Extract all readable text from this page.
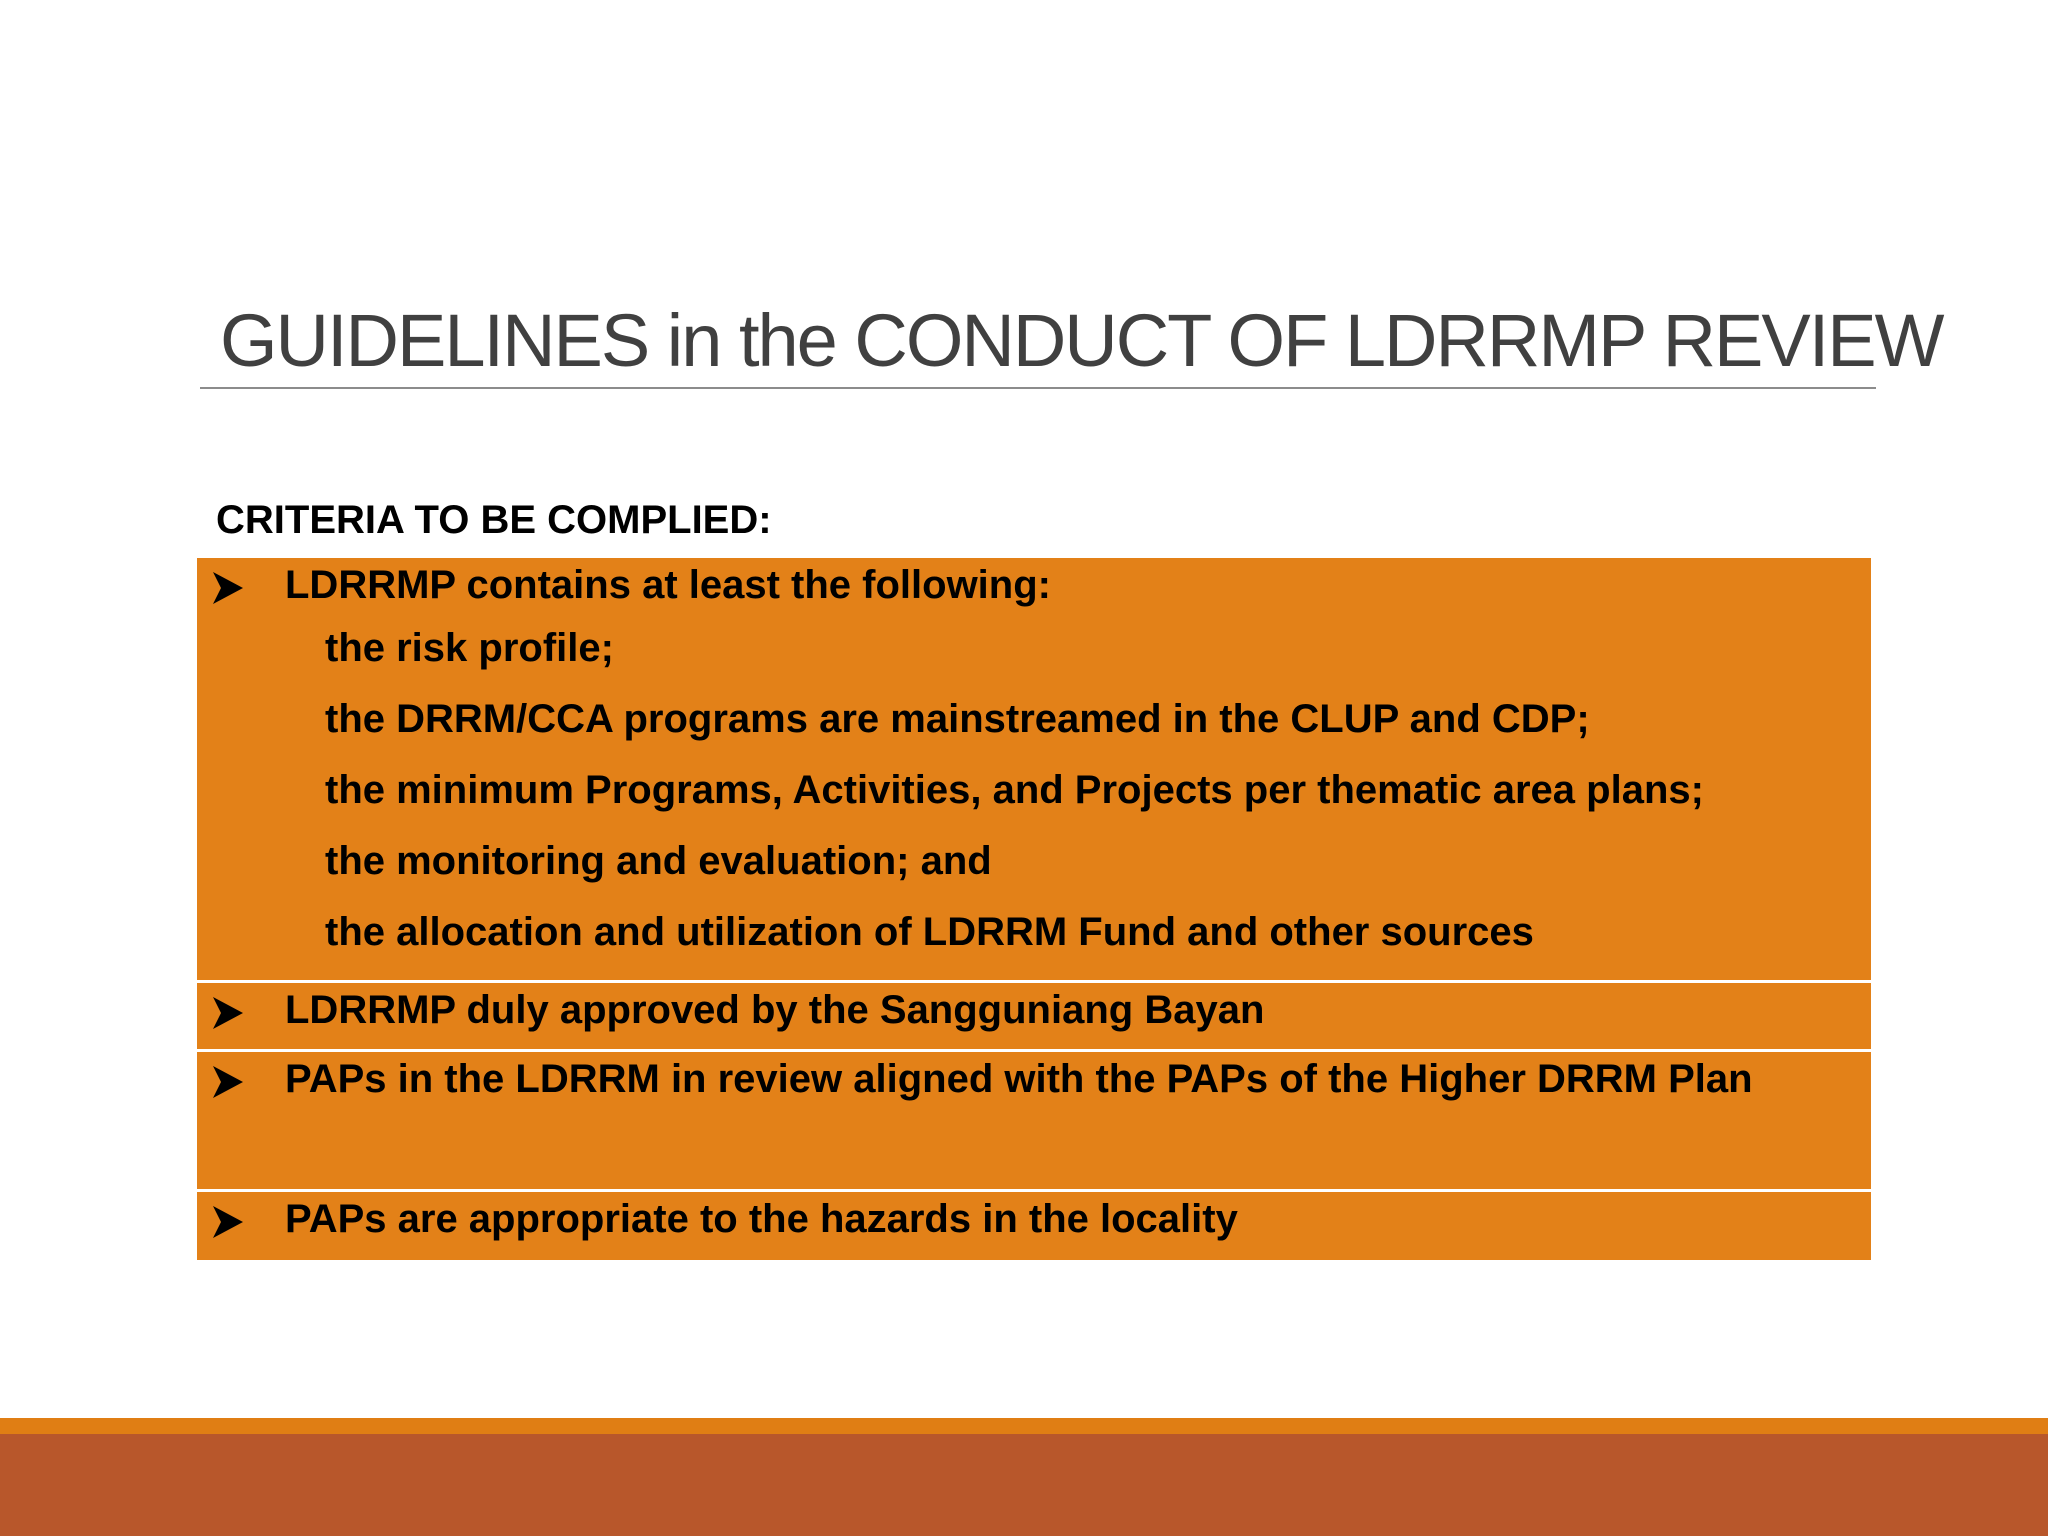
GUIDELINES in the CONDUCT OF LDRRMP REVIEW
CRITERIA TO BE COMPLIED:
LDRRMP contains at least the following:
the risk profile;
the DRRM/CCA programs are mainstreamed in the CLUP and CDP;
the minimum Programs, Activities, and Projects per thematic area plans;
the monitoring and evaluation; and
the allocation and utilization of LDRRM Fund and other sources
LDRRMP duly approved by the Sangguniang Bayan
PAPs in the LDRRM in review aligned with the PAPs of the Higher DRRM Plan
PAPs are appropriate to the hazards in the locality
